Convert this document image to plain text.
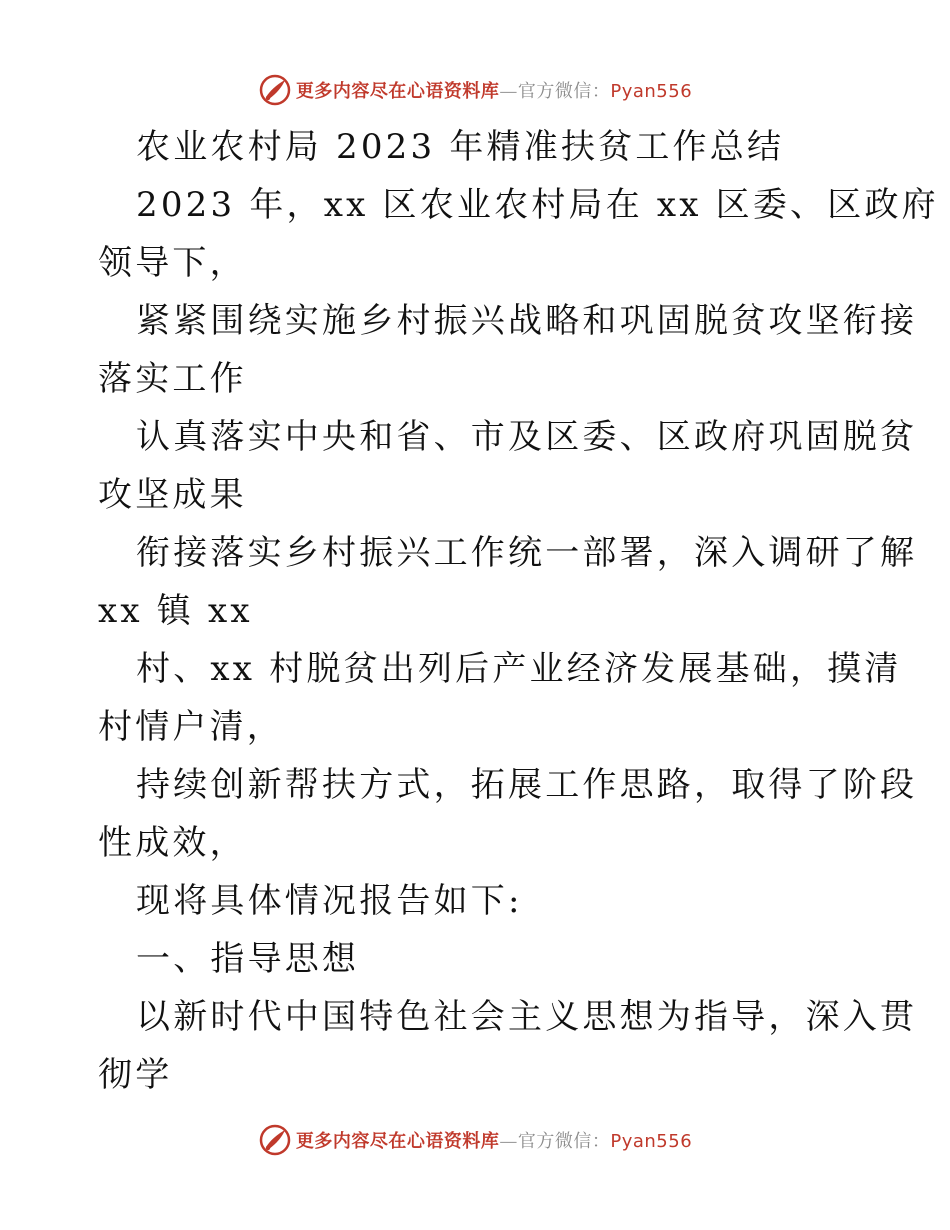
更多内容尽在心语资料库—官方微信：Pyan556
农业农村局 2023 年精准扶贫工作总结
2023 年，xx 区农业农村局在 xx 区委、区政府
领导下，
紧紧围绕实施乡村振兴战略和巩固脱贫攻坚衔接
落实工作
认真落实中央和省、市及区委、区政府巩固脱贫
攻坚成果
衔接落实乡村振兴工作统一部署，深入调研了解
xx 镇 xx
村、xx 村脱贫出列后产业经济发展基础，摸清
村情户清，
持续创新帮扶方式，拓展工作思路，取得了阶段
性成效，
现将具体情况报告如下:
一、指导思想
以新时代中国特色社会主义思想为指导，深入贯
彻学
更多内容尽在心语资料库—官方微信：Pyan556
